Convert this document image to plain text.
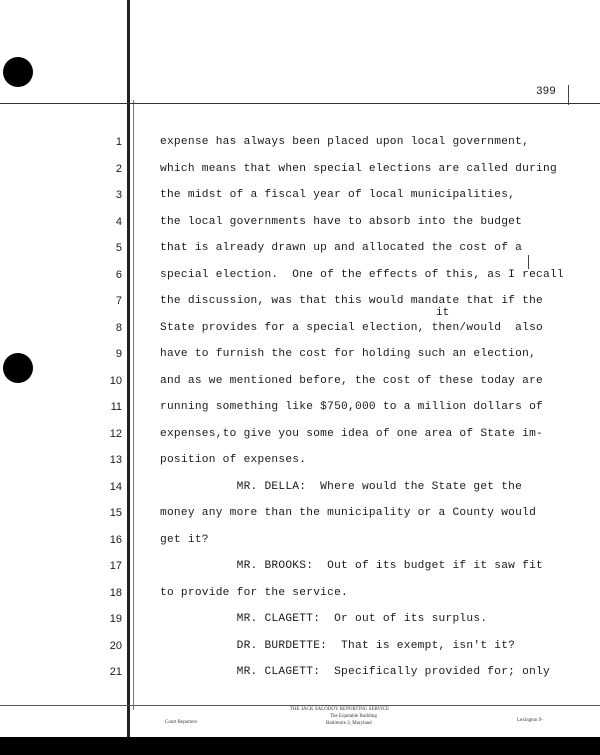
399
1	expense has always been placed upon local government,
2	which means that when special elections are called during
3	the midst of a fiscal year of local municipalities,
4	the local governments have to absorb into the budget
5	that is already drawn up and allocated the cost of a
6	special election.  One of the effects of this, as I recall
7	the discussion, was that this would mandate that if the
8	State provides for a special election, then/would  also
9	have to furnish the cost for holding such an election,
10	and as we mentioned before, the cost of these today are
11	running something like $750,000 to a million dollars of
12	expenses,to give you some idea of one area of State im-
13	position of expenses.
14	MR. DELLA:  Where would the State get the
15	money any more than the municipality or a County would
16	get it?
17	MR. BROOKS:  Out of its budget if it saw fit
18	to provide for the service.
19	MR. CLAGETT:  Or out of its surplus.
20	DR. BURDETTE:  That is exempt, isn't it?
21	MR. CLAGETT:  Specifically provided for; only
it
THE JACK SALODOY REPORTING SERVICE
The Equitable Building
Baltimore 2, Maryland
Court Reporters	Lexington 9-
